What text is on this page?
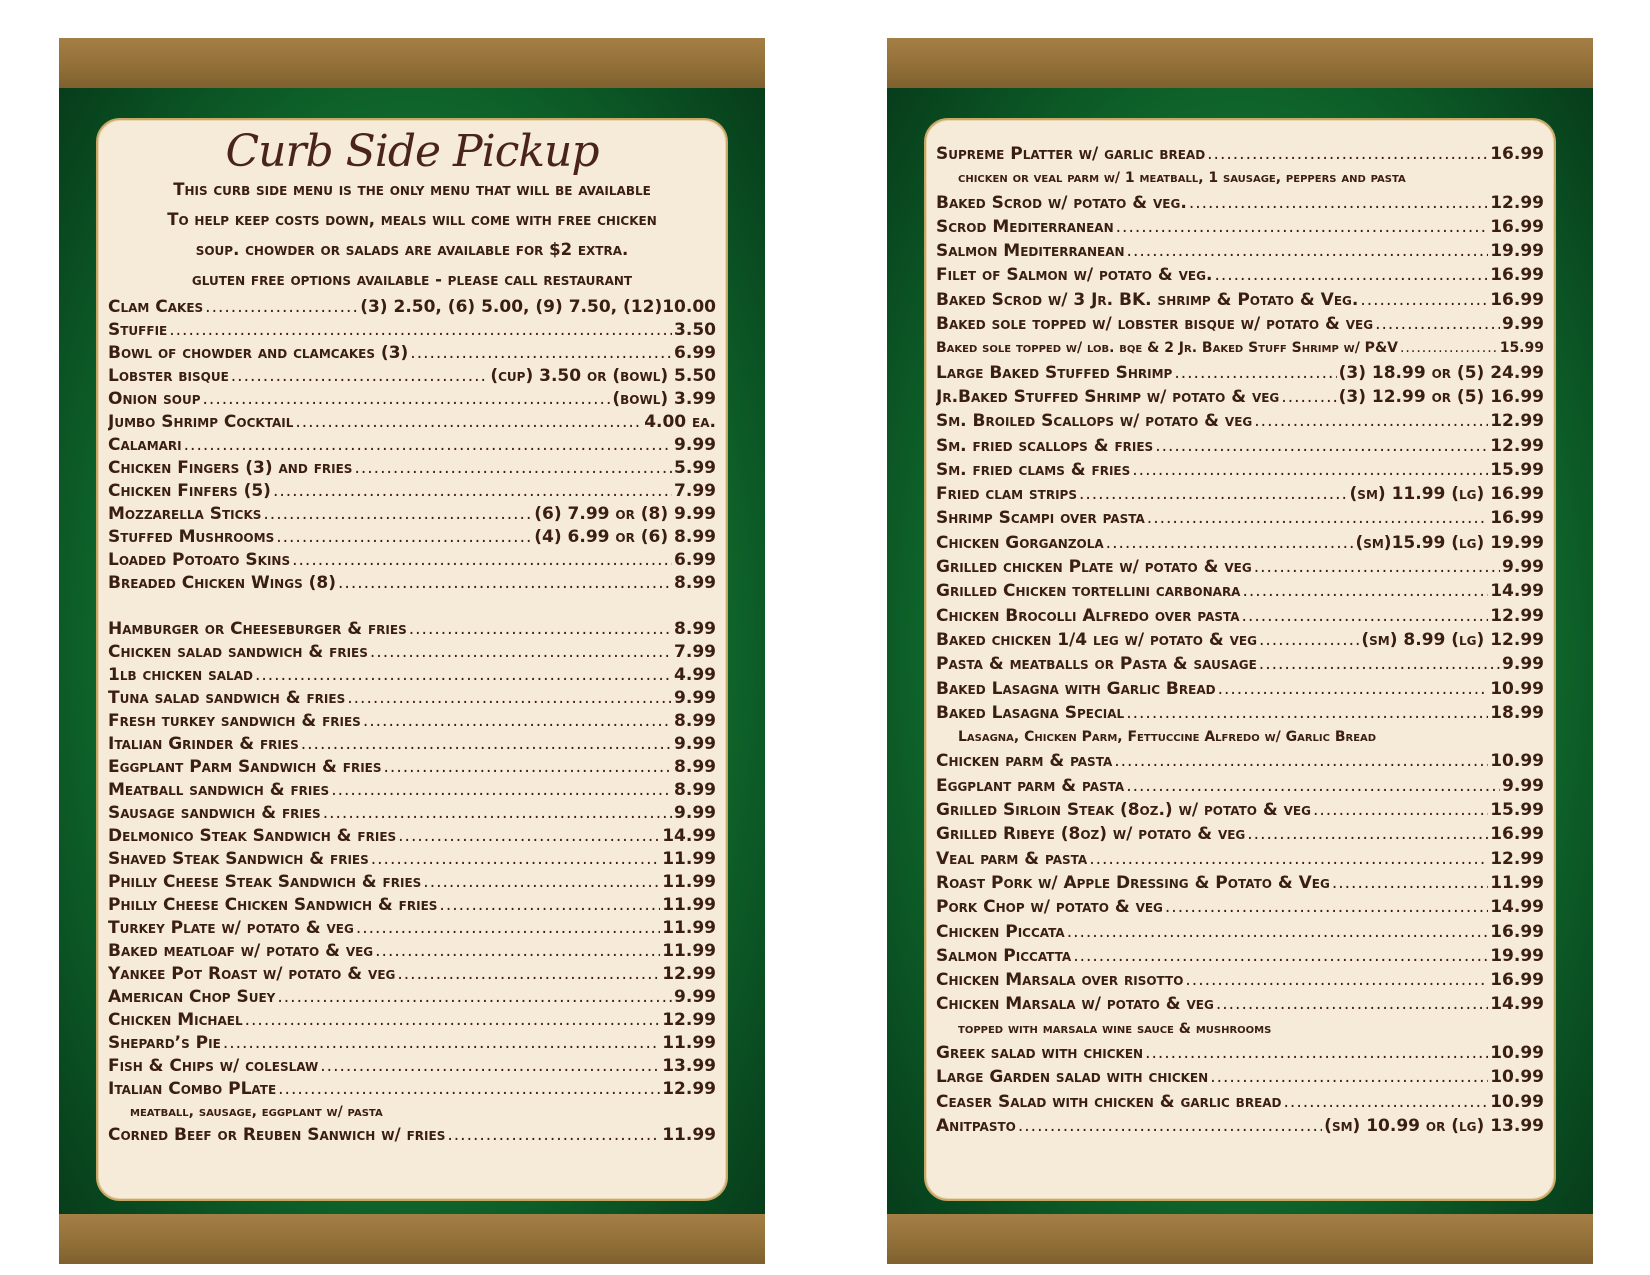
Curb Side Pickup
This curb side menu is the only menu that will be available
To help keep costs down, meals will come with free chicken
soup. chowder or salads are available for $2 extra.
gluten free options available - please call restaurant
Clam Cakes .....	(3) 2.50, (6) 5.00, (9) 7.50, (12)10.00
Stuffie .....	3.50
Bowl of chowder and clamcakes (3) .....	6.99
Lobster bisque .....	(cup) 3.50 or (bowl) 5.50
Onion soup .....	(bowl) 3.99
Jumbo Shrimp Cocktail .....	4.00 ea.
Calamari .....	9.99
Chicken Fingers (3) and fries .....	5.99
Chicken Finfers (5) .....	7.99
Mozzarella Sticks .....	(6) 7.99 or (8) 9.99
Stuffed Mushrooms .....	(4) 6.99 or (6) 8.99
Loaded Potoato Skins .....	6.99
Breaded Chicken Wings (8) .....	8.99
Hamburger or Cheeseburger & fries .....	8.99
Chicken salad sandwich & fries .....	7.99
1lb chicken salad .....	4.99
Tuna salad sandwich & fries .....	9.99
Fresh turkey sandwich & fries .....	8.99
Italian Grinder & fries .....	9.99
Eggplant Parm Sandwich & fries .....	8.99
Meatball sandwich & fries .....	8.99
Sausage sandwich & fries .....	9.99
Delmonico Steak Sandwich & fries .....	14.99
Shaved Steak Sandwich & fries .....	11.99
Philly Cheese Steak Sandwich & fries .....	11.99
Philly Cheese Chicken Sandwich & fries .....	11.99
Turkey Plate w/ potato & veg .....	11.99
Baked meatloaf w/ potato & veg .....	11.99
Yankee Pot Roast w/ potato & veg .....	12.99
American Chop Suey .....	9.99
Chicken Michael .....	12.99
Shepard’s Pie .....	11.99
Fish & Chips w/ coleslaw .....	13.99
Italian Combo PLate .....	12.99
meatball, sausage, eggplant w/ pasta
Corned Beef or Reuben Sanwich w/ fries .....	11.99
Supreme Platter w/ garlic bread .....	16.99
chicken or veal parm w/ 1 meatball, 1 sausage, peppers and pasta
Baked Scrod w/ potato & veg. .....	12.99
Scrod Mediterranean .....	16.99
Salmon Mediterranean .....	19.99
Filet of Salmon w/ potato & veg. .....	16.99
Baked Scrod w/ 3 Jr. BK. shrimp & Potato & Veg. .....	16.99
Baked sole topped w/ lobster bisque w/ potato & veg .....	9.99
Baked sole topped w/ lob. bqe & 2 Jr. Baked Stuff Shrimp w/ P&V .....	15.99
Large Baked Stuffed Shrimp .....	(3) 18.99 or (5) 24.99
Jr.Baked Stuffed Shrimp w/ potato & veg .....	(3) 12.99 or (5) 16.99
Sm. Broiled Scallops w/ potato & veg .....	12.99
Sm. fried scallops & fries .....	12.99
Sm. fried clams & fries .....	15.99
Fried clam strips .....	(sm) 11.99 (lg) 16.99
Shrimp Scampi over pasta .....	16.99
Chicken Gorganzola .....	(sm)15.99 (lg) 19.99
Grilled chicken Plate w/ potato & veg .....	9.99
Grilled Chicken tortellini carbonara .....	14.99
Chicken Brocolli Alfredo over pasta .....	12.99
Baked chicken 1/4 leg w/ potato & veg .....	(sm) 8.99 (lg) 12.99
Pasta & meatballs or Pasta & sausage .....	9.99
Baked Lasagna with Garlic Bread .....	10.99
Baked Lasagna Special .....	18.99
Lasagna, Chicken Parm, Fettuccine Alfredo w/ Garlic Bread
Chicken parm & pasta .....	10.99
Eggplant parm & pasta .....	9.99
Grilled Sirloin Steak (8oz.) w/ potato & veg .....	15.99
Grilled Ribeye (8oz) w/ potato & veg .....	16.99
Veal parm & pasta .....	12.99
Roast Pork w/ Apple Dressing & Potato & Veg .....	11.99
Pork Chop w/ potato & veg .....	14.99
Chicken Piccata .....	16.99
Salmon Piccatta .....	19.99
Chicken Marsala over risotto .....	16.99
Chicken Marsala w/ potato & veg .....	14.99
topped with marsala wine sauce & mushrooms
Greek salad with chicken .....	10.99
Large Garden salad with chicken .....	10.99
Ceaser Salad with chicken & garlic bread .....	10.99
Anitpasto .....	(sm) 10.99 or (lg) 13.99
